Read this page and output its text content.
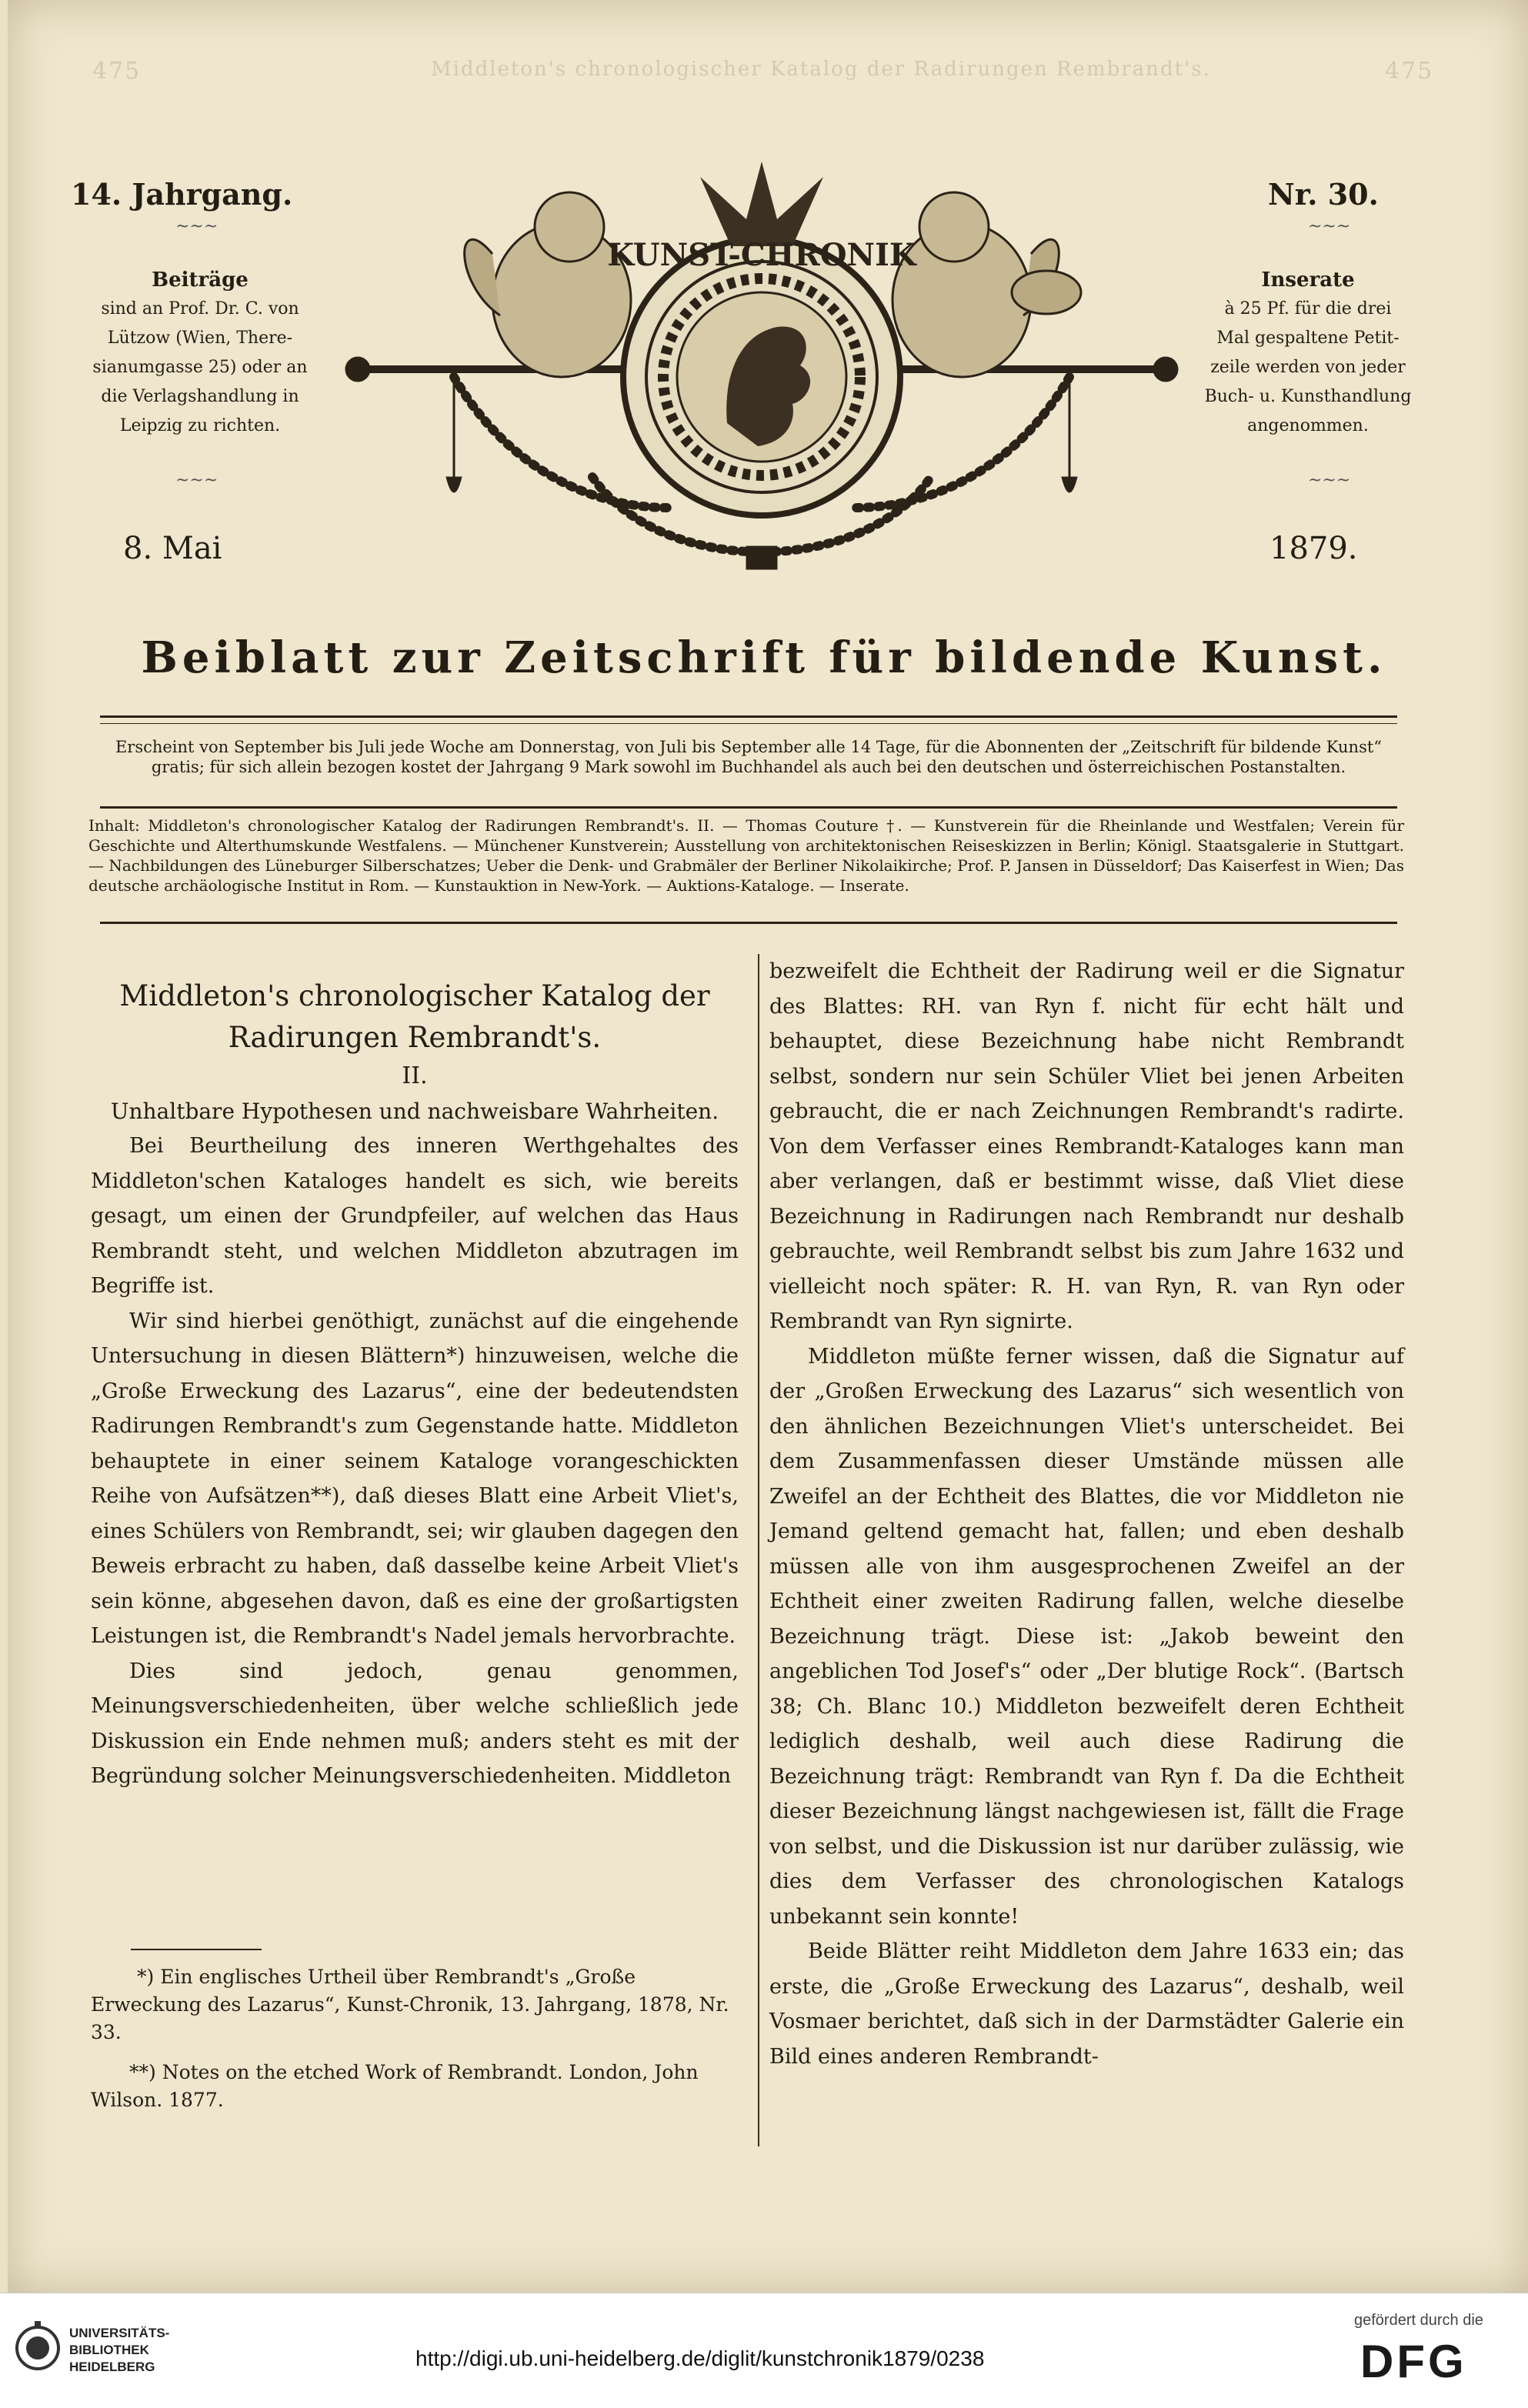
475	Middleton's chronologischer Katalog der Radirungen Rembrandt's.	475
14. Jahrgang.	Nr. 30.
~~~	~~~
Beiträge
sind an Prof. Dr. C. von
Lützow (Wien, There-
sianumgasse 25) oder an
die Verlagshandlung in
Leipzig zu richten.
Inserate
à 25 Pf. für die drei
Mal gespaltene Petit-
zeile werden von jeder
Buch- u. Kunsthandlung
angenommen.
~~~	~~~
8. Mai	1879.
KUNST-CHRONIK
Beiblatt zur Zeitschrift für bildende Kunst.
Erscheint von September bis Juli jede Woche am Donnerstag, von Juli bis September alle 14 Tage, für die Abonnenten der „Zeitschrift für bildende Kunst“ gratis; für sich allein bezogen kostet der Jahrgang 9 Mark sowohl im Buchhandel als auch bei den deutschen und österreichischen Postanstalten.
Inhalt: Middleton's chronologischer Katalog der Radirungen Rembrandt's. II. — Thomas Couture †. — Kunstverein für die Rheinlande und Westfalen; Verein für Geschichte und Alterthumskunde Westfalens. — Münchener Kunstverein; Ausstellung von architektonischen Reiseskizzen in Berlin; Königl. Staatsgalerie in Stuttgart. — Nachbildungen des Lüneburger Silberschatzes; Ueber die Denk- und Grabmäler der Berliner Nikolaikirche; Prof. P. Jansen in Düsseldorf; Das Kaiserfest in Wien; Das deutsche archäologische Institut in Rom. — Kunstauktion in New-York. — Auktions-Kataloge. — Inserate.

Middleton's chronologischer Katalog der

Radirungen Rembrandt's.

II.

Unhaltbare Hypothesen und nachweisbare Wahrheiten.

Bei Beurtheilung des inneren Werthgehaltes des Middleton'schen Kataloges handelt es sich, wie bereits gesagt, um einen der Grundpfeiler, auf welchen das Haus Rembrandt steht, und welchen Middleton abzutragen im Begriffe ist.

Wir sind hierbei genöthigt, zunächst auf die eingehende Untersuchung in diesen Blättern*) hinzuweisen, welche die „Große Erweckung des Lazarus“, eine der bedeutendsten Radirungen Rembrandt's zum Gegenstande hatte. Middleton behauptete in einer seinem Kataloge vorangeschickten Reihe von Aufsätzen**), daß dieses Blatt eine Arbeit Vliet's, eines Schülers von Rembrandt, sei; wir glauben dagegen den Beweis erbracht zu haben, daß dasselbe keine Arbeit Vliet's sein könne, abgesehen davon, daß es eine der großartigsten Leistungen ist, die Rembrandt's Nadel jemals hervorbrachte.

Dies sind jedoch, genau genommen, Meinungsverschiedenheiten, über welche schließlich jede Diskussion ein Ende nehmen muß; anders steht es mit der Begründung solcher Meinungsverschiedenheiten. Middleton

*) Ein englisches Urtheil über Rembrandt's „Große Erweckung des Lazarus“, Kunst-Chronik, 13. Jahrgang, 1878, Nr. 33.
**) Notes on the etched Work of Rembrandt. London, John Wilson. 1877.

bezweifelt die Echtheit der Radirung weil er die Signatur des Blattes: RH. van Ryn f. nicht für echt hält und behauptet, diese Bezeichnung habe nicht Rembrandt selbst, sondern nur sein Schüler Vliet bei jenen Arbeiten gebraucht, die er nach Zeichnungen Rembrandt's radirte. Von dem Verfasser eines Rembrandt-Kataloges kann man aber verlangen, daß er bestimmt wisse, daß Vliet diese Bezeichnung in Radirungen nach Rembrandt nur deshalb gebrauchte, weil Rembrandt selbst bis zum Jahre 1632 und vielleicht noch später: R. H. van Ryn, R. van Ryn oder Rembrandt van Ryn signirte.

Middleton müßte ferner wissen, daß die Signatur auf der „Großen Erweckung des Lazarus“ sich wesentlich von den ähnlichen Bezeichnungen Vliet's unterscheidet. Bei dem Zusammenfassen dieser Umstände müssen alle Zweifel an der Echtheit des Blattes, die vor Middleton nie Jemand geltend gemacht hat, fallen; und eben deshalb müssen alle von ihm ausgesprochenen Zweifel an der Echtheit einer zweiten Radirung fallen, welche dieselbe Bezeichnung trägt. Diese ist: „Jakob beweint den angeblichen Tod Josef's“ oder „Der blutige Rock“. (Bartsch 38; Ch. Blanc 10.) Middleton bezweifelt deren Echtheit lediglich deshalb, weil auch diese Radirung die Bezeichnung trägt: Rembrandt van Ryn f. Da die Echtheit dieser Bezeichnung längst nachgewiesen ist, fällt die Frage von selbst, und die Diskussion ist nur darüber zulässig, wie dies dem Verfasser des chronologischen Katalogs unbekannt sein konnte!

Beide Blätter reiht Middleton dem Jahre 1633 ein; das erste, die „Große Erweckung des Lazarus“, deshalb, weil Vosmaer berichtet, daß sich in der Darmstädter Galerie ein Bild eines anderen Rembrandt-

UNIVERSITÄTS-
BIBLIOTHEK
HEIDELBERG	http://digi.ub.uni-heidelberg.de/diglit/kunstchronik1879/0238
gefördert durch die
DFG
